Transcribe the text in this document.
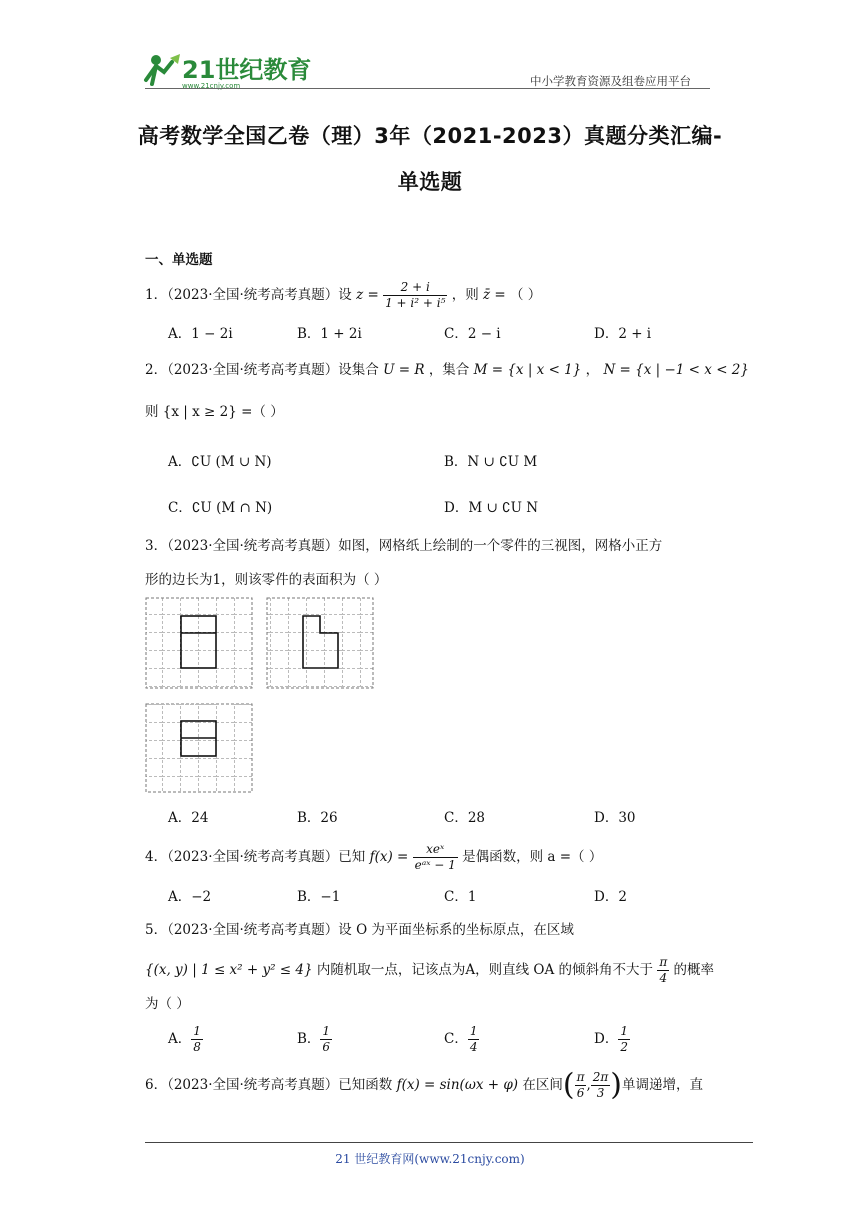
21世纪教育
www.21cnjy.com	中小学教育资源及组卷应用平台
高考数学全国乙卷（理）3年（2021-2023）真题分类汇编-
单选题
一、单选题
1．（2023·全国·统考高考真题）设 $z = \frac{2 + i}{\text{1 + i² + i⁵}}$ ，则 z̄ = （ ）
A．1 − 2i	B．1 + 2i	C．2 − i	D．2 + i
2．（2023·全国·统考高考真题）设集合 U = R ，集合 M = {x | x < 1} ， N = {x | −1 < x < 2}
则 {x | x ≥ 2} =（ ）
A．∁U (M ∪ N)	B．N ∪ ∁U M
C．∁U (M ∩ N)	D．M ∪ ∁U N
3．（2023·全国·统考高考真题）如图，网格纸上绘制的一个零件的三视图，网格小正方
形的边长为1，则该零件的表面积为（ ）
A．24	B．26	C．28	D．30
4．（2023·全国·统考高考真题）已知 $f(x) = \frac{\text{xeˣ}}{\text{eᵃˣ − 1}}$ 是偶函数，则 a =（ ）
A．−2	B．−1	C．1	D．2
5．（2023·全国·统考高考真题）设 O 为平面坐标系的坐标原点，在区域
{(x, y) | 1 ≤ x² + y² ≤ 4} 内随机取一点，记该点为A，则直线 OA 的倾斜角不大于 $\frac{\pi}{4}$ 的概率
为（ ）
A． $\frac{1}{8}$	B． $\frac{1}{6}$	C． $\frac{1}{4}$	D． $\frac{1}{2}$
6．（2023·全国·统考高考真题）已知函数 f(x) = sin(ωx + φ) 在区间( $\frac{\pi}{6}$ , $\frac{2\pi}{3}$ )单调递增，直
21 世纪教育网(www.21cnjy.com)
